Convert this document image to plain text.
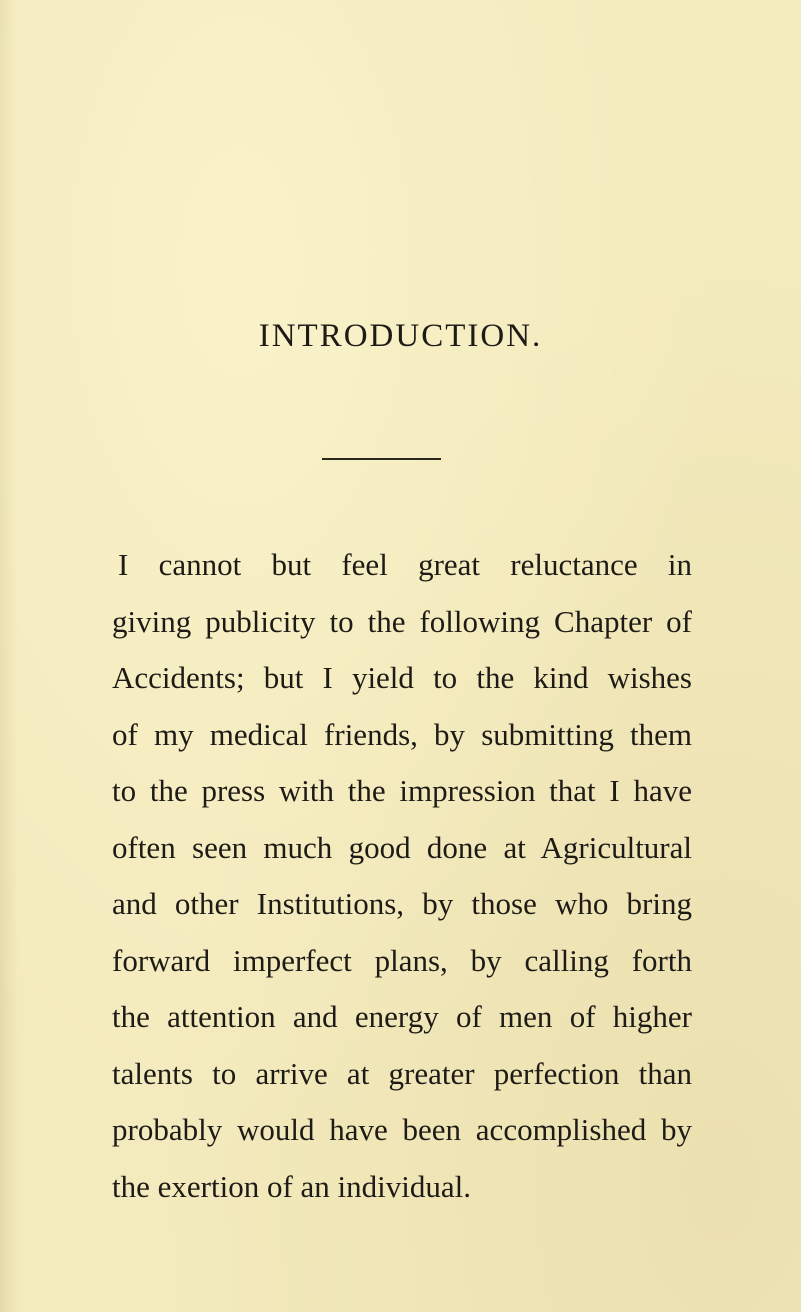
INTRODUCTION.
I cannot but feel great reluctance in
giving publicity to the following Chapter of
Accidents; but I yield to the kind wishes
of my medical friends, by submitting them
to the press with the impression that I have
often seen much good done at Agricultural
and other Institutions, by those who bring
forward imperfect plans, by calling forth
the attention and energy of men of higher
talents to arrive at greater perfection than
probably would have been accomplished by
the exertion of an individual.
